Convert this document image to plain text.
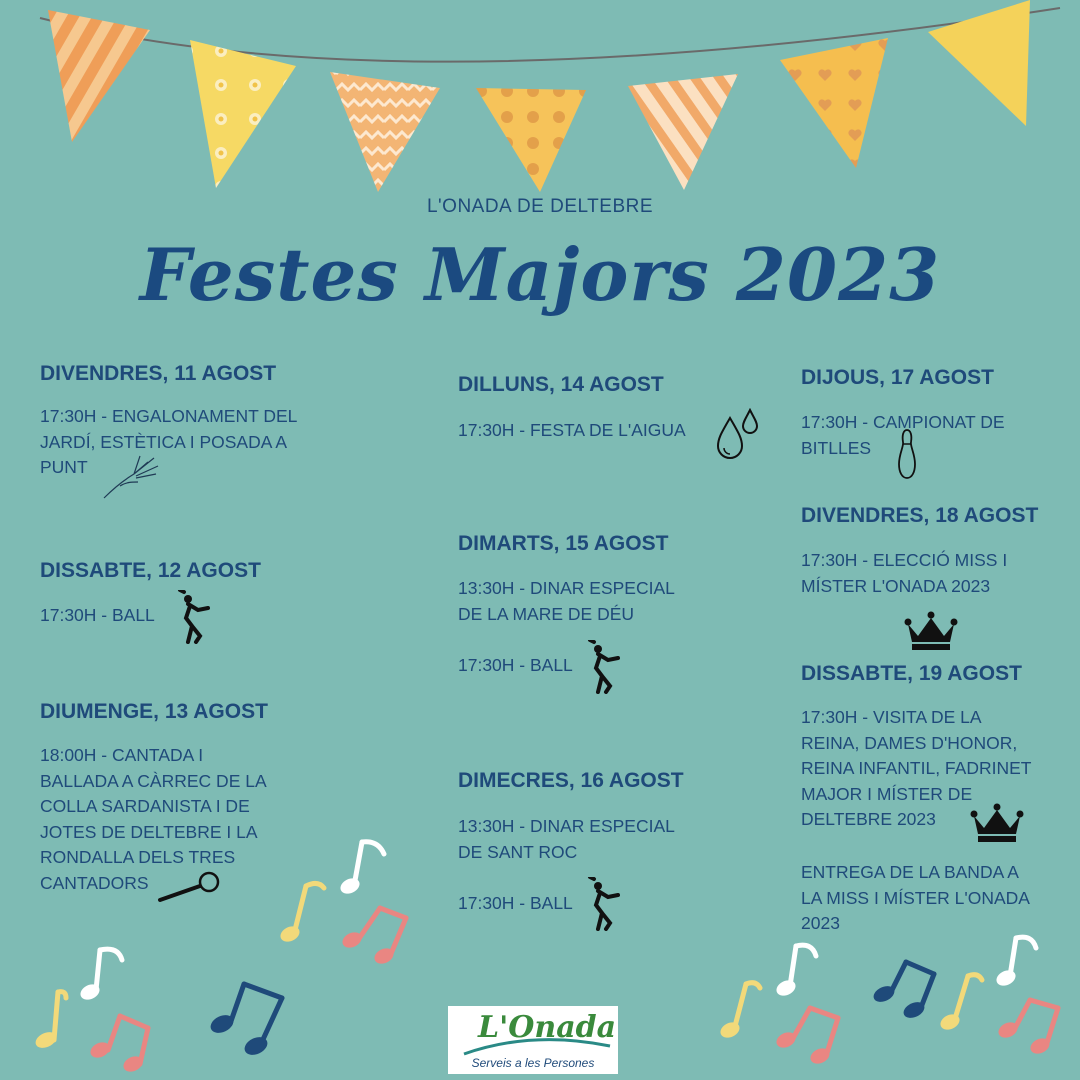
L'ONADA DE DELTEBRE
Festes Majors 2023
DIVENDRES, 11 AGOST
17:30H - ENGALONAMENT DEL
JARDÍ, ESTÈTICA I POSADA A
PUNT
DISSABTE, 12 AGOST
17:30H - BALL
DIUMENGE, 13 AGOST
18:00H - CANTADA I
BALLADA A CÀRREC DE LA
COLLA SARDANISTA I DE
JOTES DE DELTEBRE I LA
RONDALLA DELS TRES
CANTADORS
DILLUNS, 14 AGOST
17:30H - FESTA DE L'AIGUA
DIMARTS, 15 AGOST
13:30H - DINAR ESPECIAL
DE LA MARE DE DÉU
17:30H - BALL
DIMECRES, 16 AGOST
13:30H - DINAR ESPECIAL
DE SANT ROC
17:30H - BALL
DIJOUS, 17 AGOST
17:30H - CAMPIONAT DE
BITLLES
DIVENDRES, 18 AGOST
17:30H - ELECCIÓ MISS I
MÍSTER L'ONADA 2023
DISSABTE, 19 AGOST
17:30H - VISITA DE LA
REINA, DAMES D'HONOR,
REINA INFANTIL, FADRINET
MAJOR I MÍSTER DE
DELTEBRE 2023
ENTREGA DE LA BANDA A
LA MISS I MÍSTER L'ONADA
2023
L'Onada
Serveis a les Persones
